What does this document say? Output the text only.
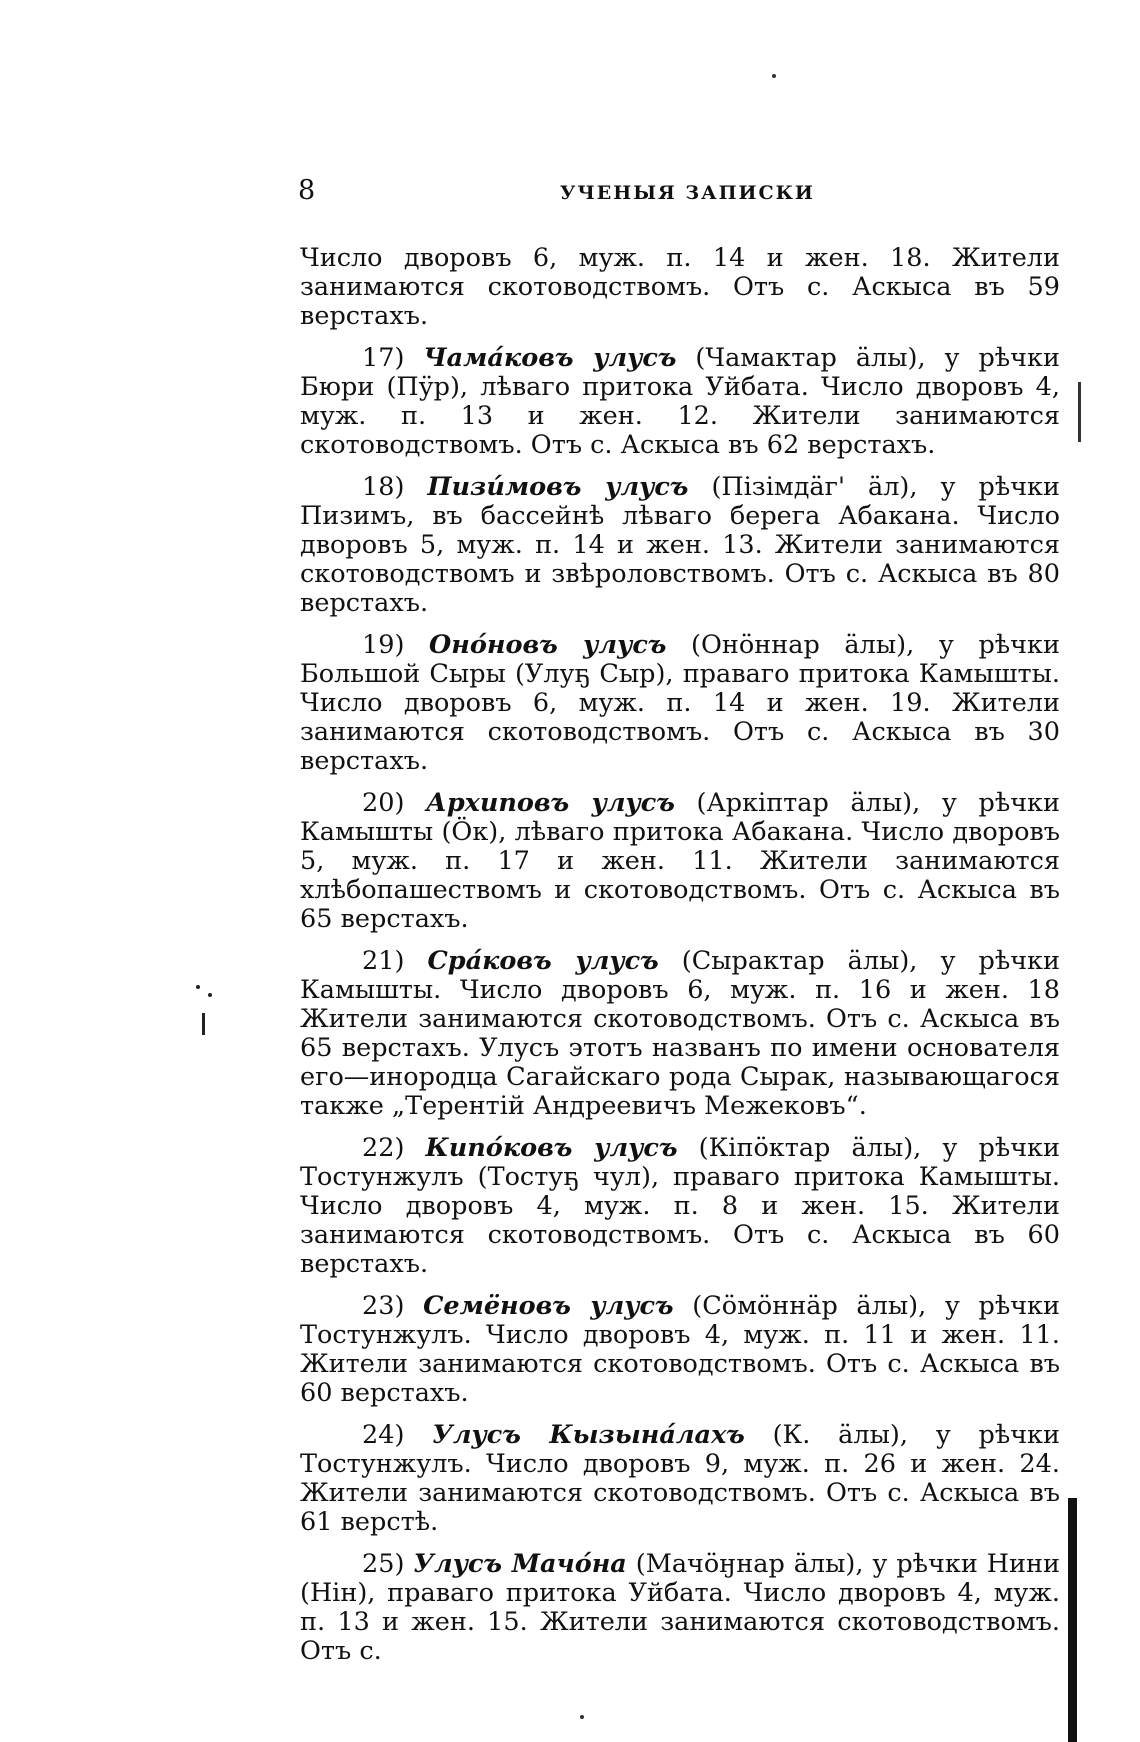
8	УЧЕНЫЯ ЗАПИСКИ

Число дворовъ 6, муж. п. 14 и жен. 18. Жители занимаются скотоводствомъ. Отъ с. Аскыса въ 59 верстахъ.

17) Чама́ковъ улусъ (Чамактар ӓлы), у рѣчки Бюри (Пӱр), лѣваго притока Уйбата. Число дворовъ 4, муж. п. 13 и жен. 12. Жители занимаются скотоводствомъ. Отъ с. Аскыса въ 62 верстахъ.

18) Пизи́мовъ улусъ (Пізімдӓг' ӓл), у рѣчки Пизимъ, въ бассейнѣ лѣваго берега Абакана. Число дворовъ 5, муж. п. 14 и жен. 13. Жители занимаются скотоводствомъ и звѣроловствомъ. Отъ с. Аскыса въ 80 верстахъ.

19) Оно́новъ улусъ (Онӧннар ӓлы), у рѣчки Большой Сыры (Улуҕ Сыр), праваго притока Камышты. Число дворовъ 6, муж. п. 14 и жен. 19. Жители занимаются скотоводствомъ. Отъ с. Аскыса въ 30 верстахъ.

20) Архиповъ улусъ (Аркіптар ӓлы), у рѣчки Камышты (Ӧк), лѣваго притока Абакана. Число дворовъ 5, муж. п. 17 и жен. 11. Жители занимаются хлѣбопашествомъ и скотоводствомъ. Отъ с. Аскыса въ 65 верстахъ.

21) Сра́ковъ улусъ (Сырактар ӓлы), у рѣчки Камышты. Число дворовъ 6, муж. п. 16 и жен. 18 Жители занимаются скотоводствомъ. Отъ с. Аскыса въ 65 верстахъ. Улусъ этотъ названъ по имени основателя его—инородца Сагайскаго рода Сырак, называющагося также „Терентій Андреевичъ Межековъ“.

22) Кипо́ковъ улусъ (Кіпӧктар ӓлы), у рѣчки Тостунжулъ (Тостуҕ чул), праваго притока Камышты. Число дворовъ 4, муж. п. 8 и жен. 15. Жители занимаются скотоводствомъ. Отъ с. Аскыса въ 60 верстахъ.

23) Семёновъ улусъ (Сӧмӧннӓр ӓлы), у рѣчки Тостунжулъ. Число дворовъ 4, муж. п. 11 и жен. 11. Жители занимаются скотоводствомъ. Отъ с. Аскыса въ 60 верстахъ.

24) Улусъ Кызына́лахъ (К. ӓлы), у рѣчки Тостунжулъ. Число дворовъ 9, муж. п. 26 и жен. 24. Жители занимаются скотоводствомъ. Отъ с. Аскыса въ 61 верстѣ.

25) Улусъ Мачо́на (Мачӧӈнар ӓлы), у рѣчки Нини (Нін), праваго притока Уйбата. Число дворовъ 4, муж. п. 13 и жен. 15. Жители занимаются скотоводствомъ. Отъ с.
